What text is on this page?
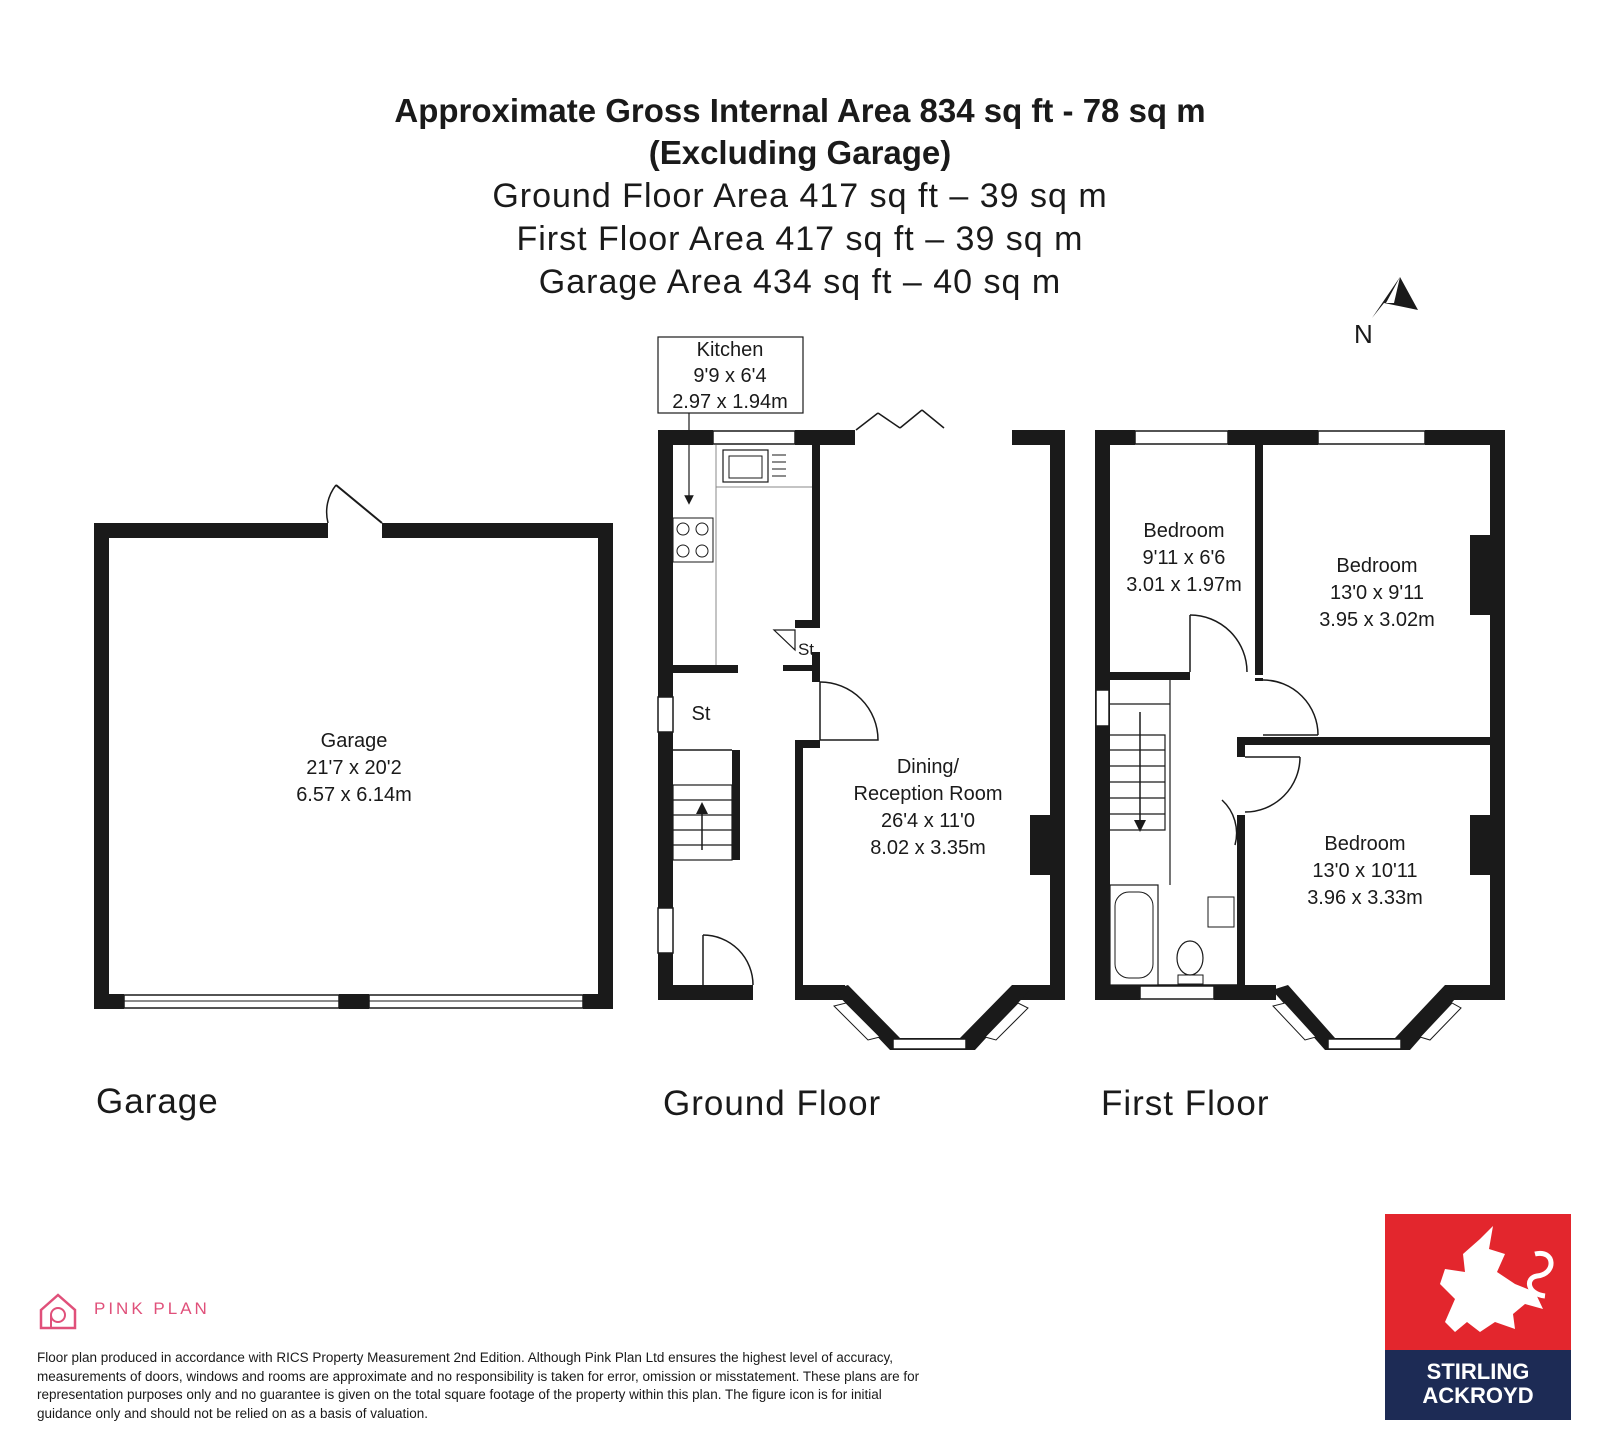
Approximate Gross Internal Area 834 sq ft - 78 sq m
(Excluding Garage)
Ground Floor Area 417 sq ft – 39 sq m
First Floor Area 417 sq ft – 39 sq m
Garage Area 434 sq ft – 40 sq m
N
Garage
21'7 x 20'2
6.57 x 6.14m
Kitchen
9'9 x 6'4
2.97 x 1.94m
Dining/
Reception Room
26'4 x 11'0
8.02 x 3.35m
Bedroom
9'11 x 6'6
3.01 x 1.97m
Bedroom
13'0 x 9'11
3.95 x 3.02m
Bedroom
13'0 x 10'11
3.96 x 3.33m
St
St
Garage	Ground Floor	First Floor
PINK PLAN
Floor plan produced in accordance with RICS Property Measurement 2nd Edition. Although Pink Plan Ltd ensures the highest level of accuracy, measurements of doors, windows and rooms are approximate and no responsibility is taken for error, omission or misstatement. These plans are for representation purposes only and no guarantee is given on the total square footage of the property within this plan. The figure icon is for initial guidance only and should not be relied on as a basis of valuation.
STIRLING
ACKROYD
